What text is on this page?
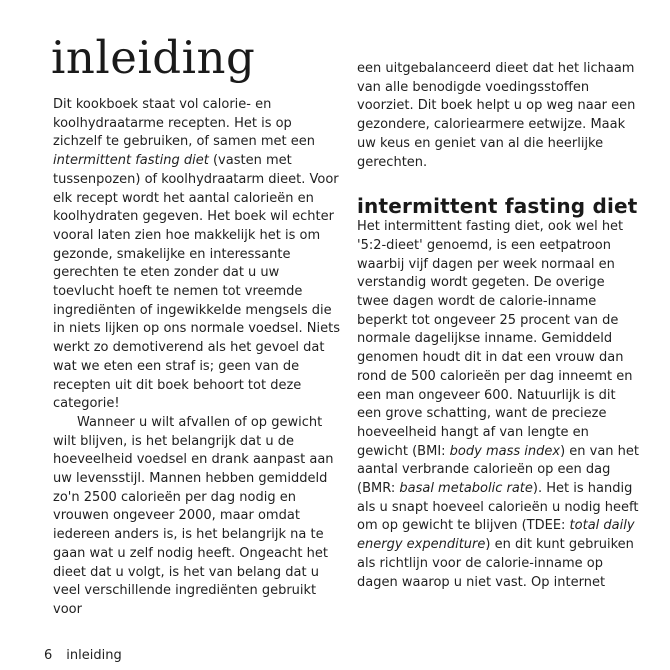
inleiding

Dit kookboek staat vol calorie- en koolhydraatarme recepten. Het is op zichzelf te gebruiken, of samen met een intermittent fasting diet (vasten met tussenpozen) of koolhydraatarm dieet. Voor elk recept wordt het aantal calorieën en koolhydraten gegeven. Het boek wil echter vooral laten zien hoe makkelijk het is om gezonde, smakelijke en interessante gerechten te eten zonder dat u uw toevlucht hoeft te nemen tot vreemde ingrediënten of ingewikkelde mengsels die in niets lijken op ons normale voedsel. Niets werkt zo demotiverend als het gevoel dat wat we eten een straf is; geen van de recepten uit dit boek behoort tot deze categorie!

Wanneer u wilt afvallen of op gewicht wilt blijven, is het belangrijk dat u de hoeveelheid voedsel en drank aanpast aan uw levensstijl. Mannen hebben gemiddeld zo'n 2500 calorieën per dag nodig en vrouwen ongeveer 2000, maar omdat iedereen anders is, is het belangrijk na te gaan wat u zelf nodig heeft. Ongeacht het dieet dat u volgt, is het van belang dat u veel verschillende ingrediënten gebruikt voor

een uitgebalanceerd dieet dat het lichaam van alle benodigde voedingsstoffen voorziet. Dit boek helpt u op weg naar een gezondere, caloriearmere eetwijze. Maak uw keus en geniet van al die heerlijke gerechten.

intermittent fasting diet

Het intermittent fasting diet, ook wel het '5:2-dieet' genoemd, is een eetpatroon waarbij vijf dagen per week normaal en verstandig wordt gegeten. De overige twee dagen wordt de calorie-inname beperkt tot ongeveer 25 procent van de normale dagelijkse inname. Gemiddeld genomen houdt dit in dat een vrouw dan rond de 500 calorieën per dag inneemt en een man ongeveer 600. Natuurlijk is dit een grove schatting, want de precieze hoeveelheid hangt af van lengte en gewicht (BMI: body mass index) en van het aantal verbrande calorieën op een dag (BMR: basal metabolic rate). Het is handig als u snapt hoeveel calorieën u nodig heeft om op gewicht te blijven (TDEE: total daily energy expenditure) en dit kunt gebruiken als richtlijn voor de calorie-inname op dagen waarop u niet vast. Op internet

6 inleiding
